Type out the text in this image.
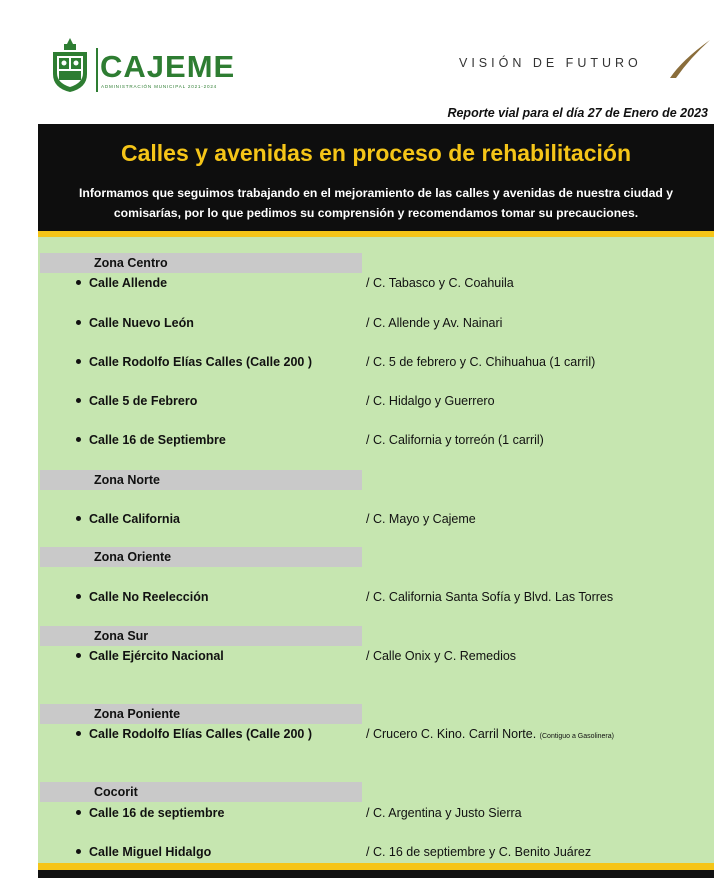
CAJEME
ADMINISTRACIÓN MUNICIPAL 2021-2024
VISIÓN DE FUTURO
Reporte vial para el día 27 de Enero de 2023
Calles y avenidas en proceso de rehabilitación
Informamos que seguimos trabajando en el mejoramiento de las calles y avenidas de nuestra ciudad y comisarías, por lo que pedimos su comprensión y recomendamos tomar su precauciones.
Zona Centro
Calle Allende	/ C. Tabasco y C. Coahuila
Calle Nuevo León	/ C. Allende y Av. Nainari
Calle Rodolfo Elías Calles (Calle 200 )	/ C. 5 de febrero y C. Chihuahua (1 carril)
Calle 5 de Febrero	/ C. Hidalgo y Guerrero
Calle 16 de Septiembre	/ C. California y torreón (1 carril)
Zona Norte
Calle California	/ C. Mayo y Cajeme
Zona Oriente
Calle No Reelección	/ C. California Santa Sofía y Blvd. Las Torres
Zona Sur
Calle Ejército Nacional	/ Calle Onix y C. Remedios
Zona Poniente
Calle Rodolfo Elías Calles (Calle 200 )	/ Crucero C. Kino. Carril Norte. (Contiguo a Gasolinera)
Cocorit
Calle 16 de septiembre	/ C. Argentina y Justo Sierra
Calle Miguel Hidalgo	/ C. 16 de septiembre y C. Benito Juárez
